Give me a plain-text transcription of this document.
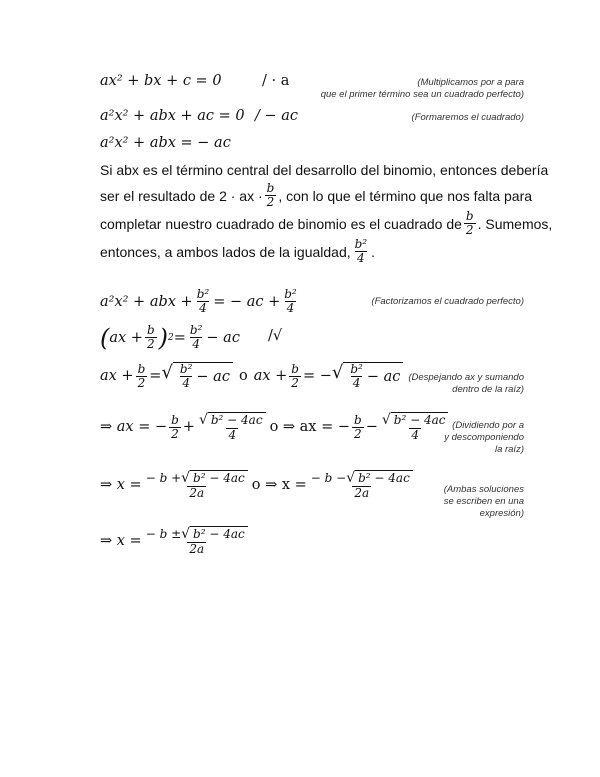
ax² + bx + c = 0	/ · a	(Multiplicamos por a para
que el primer término sea un cuadrado perfecto)
a²x² + abx + ac = 0 / − ac	(Formaremos el cuadrado)
a²x² + abx = − ac
Si abx es el término central del desarrollo del binomio, entonces debería
ser el resultado de 2 · ax · $\frac{b}{2}$ , con lo que el término que nos falta para
completar nuestro cuadrado de binomio es el cuadrado de $\frac{b}{2}$ . Sumemos,
entonces, a ambos lados de la igualdad, $\frac{\text{b²}}{4}$ .
a²x² + abx + $\frac{\text{b²}}{4}$ = − ac + $\frac{\text{b²}}{4}$	(Factorizamos el cuadrado perfecto)
( ax + $\frac{b}{2}$ ) $2 = \frac{\text{b²}}{4}$ − ac /√
ax + $\frac{b}{2}$ = √ $\frac{\text{b²}}{4}$ − ac o ax + $\frac{b}{2}$ = − √ $\frac{\text{b²}}{4}$ − ac (Despejando ax y sumando
dentro de la raíz)
⇒ ax = − $\frac{b}{2} + \frac{\text{√ b² − 4ac}}{4}$ o ⇒ ax = − $\frac{b}{2} - \frac{\text{√ b² − 4ac}}{4}$ (Dividiendo por a
y descomponiendo
la raíz)
⇒ $x = \frac{\text{− b + √ b² − 4ac}}{2a}$ o ⇒ $x = \frac{\text{− b − √ b² − 4ac}}{2a}$	(Ambas soluciones
se escriben en una
expresión)
⇒ $x = \frac{\text{− b ± √ b² − 4ac}}{2a}$
